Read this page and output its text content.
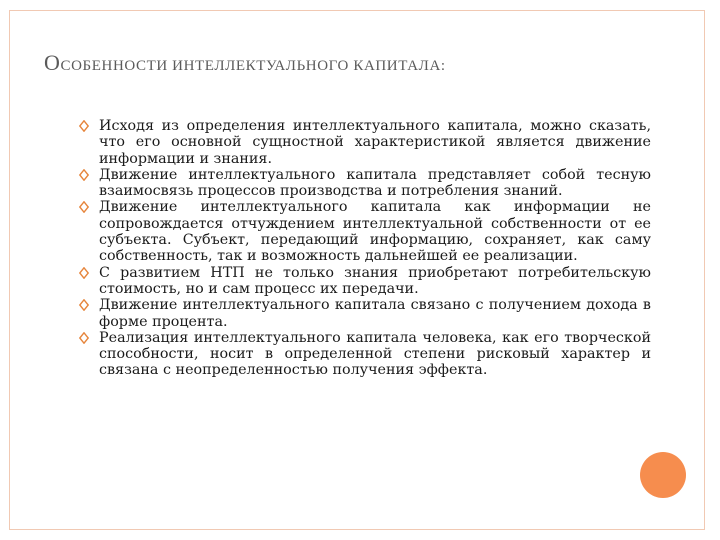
ОСОБЕННОСТИ ИНТЕЛЛЕКТУАЛЬНОГО КАПИТАЛА:
Исходя из определения интеллектуального капитала, можно сказать, что его основной сущностной характеристикой является движение информации и знания.
Движение интеллектуального капитала представляет собой тесную взаимосвязь процессов производства и потребления знаний.
Движение интеллектуального капитала как информации не сопровождается отчуждением интеллектуальной собственности от ее субъекта. Субъект, передающий информацию, сохраняет, как саму собственность, так и возможность дальнейшей ее реализации.
С развитием НТП не только знания приобретают потребительскую стоимость, но и сам процесс их передачи.
Движение интеллектуального капитала связано с получением дохода в форме процента.
Реализация интеллектуального капитала человека, как его творческой способности, носит в определенной степени рисковый характер и связана с неопределенностью получения эффекта.
